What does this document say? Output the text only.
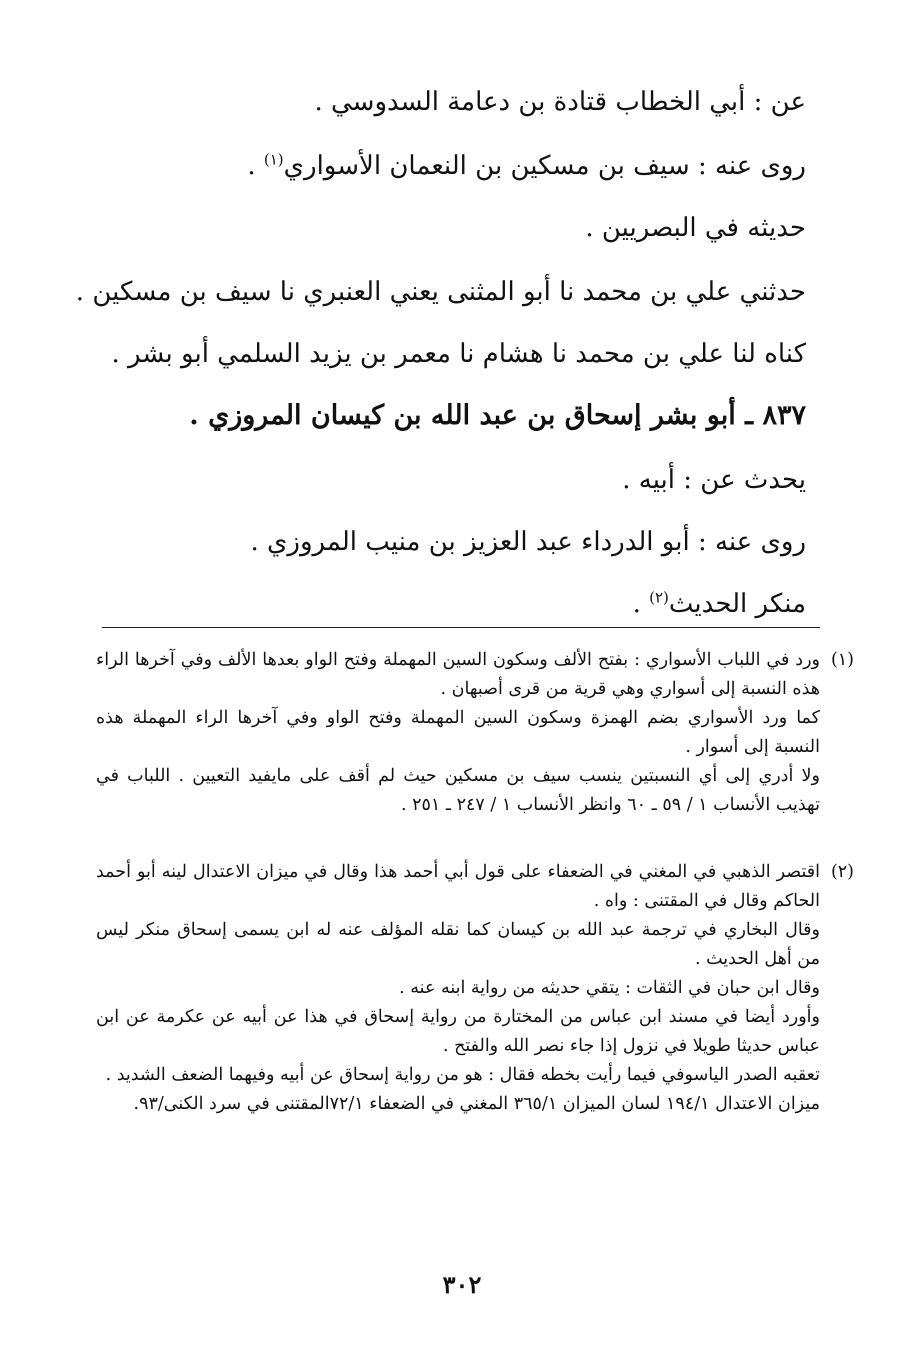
عن : أبي الخطاب قتادة بن دعامة السدوسي .
روى عنه : سيف بن مسكين بن النعمان الأسواري$^{(١)}$ .
حديثه في البصريين .
حدثني علي بن محمد نا أبو المثنى يعني العنبري نا سيف بن مسكين .
كناه لنا علي بن محمد نا هشام نا معمر بن يزيد السلمي أبو بشر .
٨٣٧ ـ أبو بشر إسحاق بن عبد الله بن كيسان المروزي .
يحدث عن : أبيه .
روى عنه : أبو الدرداء عبد العزيز بن منيب المروزي .
منكر الحديث$^{(٢)}$ .

(١)
ورد في اللباب الأسواري : بفتح الألف وسكون السين المهملة وفتح الواو بعدها الألف وفي آخرها الراء هذه النسبة إلى أسواري وهي قرية من قرى أصبهان .

كما ورد الأسواري بضم الهمزة وسكون السين المهملة وفتح الواو وفي آخرها الراء المهملة هذه النسبة إلى أسوار .

ولا أدري إلى أي النسبتين ينسب سيف بن مسكين حيث لم أقف على مايفيد التعيين . اللباب في تهذيب الأنساب ١ / ٥٩ ـ ٦٠ وانظر الأنساب ١ / ٢٤٧ ـ ٢٥١ .

(٢)
اقتصر الذهبي في المغني في الضعفاء على قول أبي أحمد هذا وقال في ميزان الاعتدال لينه أبو أحمد الحاكم وقال في المقتنى : واه .

وقال البخاري في ترجمة عبد الله بن كيسان كما نقله المؤلف عنه له ابن يسمى إسحاق منكر ليس من أهل الحديث .

وقال ابن حبان في الثقات : يتقي حديثه من رواية ابنه عنه .

وأورد أيضا في مسند ابن عباس من المختارة من رواية إسحاق في هذا عن أبيه عن عكرمة عن ابن عباس حديثا طويلا في نزول إذا جاء نصر الله والفتح .

تعقبه الصدر الياسوفي فيما رأيت بخطه فقال : هو من رواية إسحاق عن أبيه وفيهما الضعف الشديد .

ميزان الاعتدال ١٩٤/١ لسان الميزان ٣٦٥/١ المغني في الضعفاء ٧٢/١المقتنى في سرد الكنى/٩٣.

٣٠٢
